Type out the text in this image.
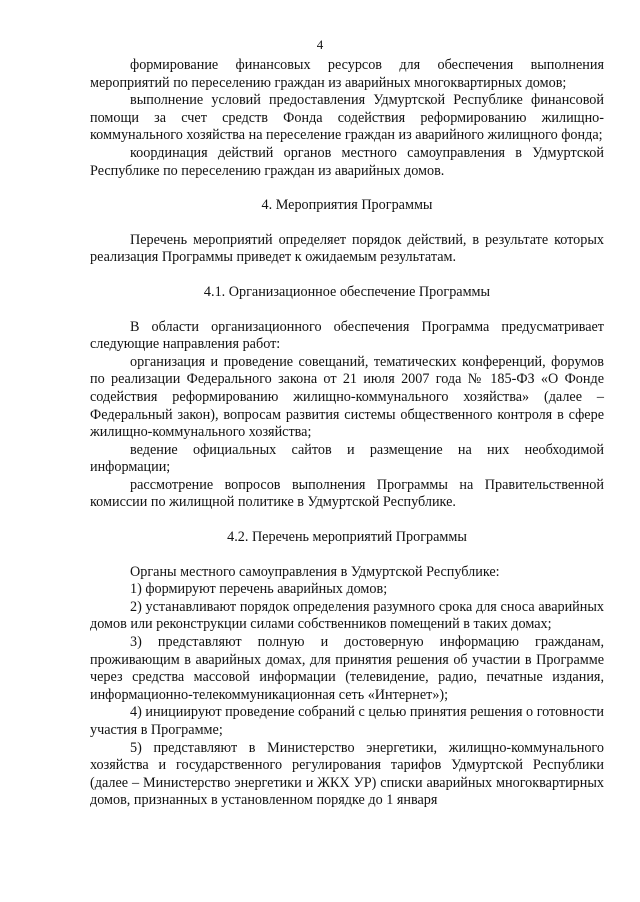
4

формирование финансовых ресурсов для обеспечения выполнения мероприятий по переселению граждан из аварийных многоквартирных домов;

выполнение условий предоставления Удмуртской Республике финансовой помощи за счет средств Фонда содействия реформированию жилищно-коммунального хозяйства на переселение граждан из аварийного жилищного фонда;

координация действий органов местного самоуправления в Удмуртской Республике по переселению граждан из аварийных домов.

4. Мероприятия Программы

Перечень мероприятий определяет порядок действий, в результате которых реализация Программы приведет к ожидаемым результатам.

4.1. Организационное обеспечение Программы

В области организационного обеспечения Программа предусматривает следующие направления работ:

организация и проведение совещаний, тематических конференций, форумов по реализации Федерального закона от 21 июля 2007 года № 185-ФЗ «О Фонде содействия реформированию жилищно-коммунального хозяйства» (далее – Федеральный закон), вопросам развития системы общественного контроля в сфере жилищно-коммунального хозяйства;

ведение официальных сайтов и размещение на них необходимой информации;

рассмотрение вопросов выполнения Программы на Правительственной комиссии по жилищной политике в Удмуртской Республике.

4.2. Перечень мероприятий Программы

Органы местного самоуправления в Удмуртской Республике:

1) формируют перечень аварийных домов;

2) устанавливают порядок определения разумного срока для сноса аварийных домов или реконструкции силами собственников помещений в таких домах;

3) представляют полную и достоверную информацию гражданам, проживающим в аварийных домах, для принятия решения об участии в Программе через средства массовой информации (телевидение, радио, печатные издания, информационно-телекоммуникационная сеть «Интернет»);

4) инициируют проведение собраний с целью принятия решения о готовности участия в Программе;

5) представляют в Министерство энергетики, жилищно-коммунального хозяйства и государственного регулирования тарифов Удмуртской Республики (далее – Министерство энергетики и ЖКХ УР) списки аварийных многоквартирных домов, признанных в установленном порядке до 1 января
